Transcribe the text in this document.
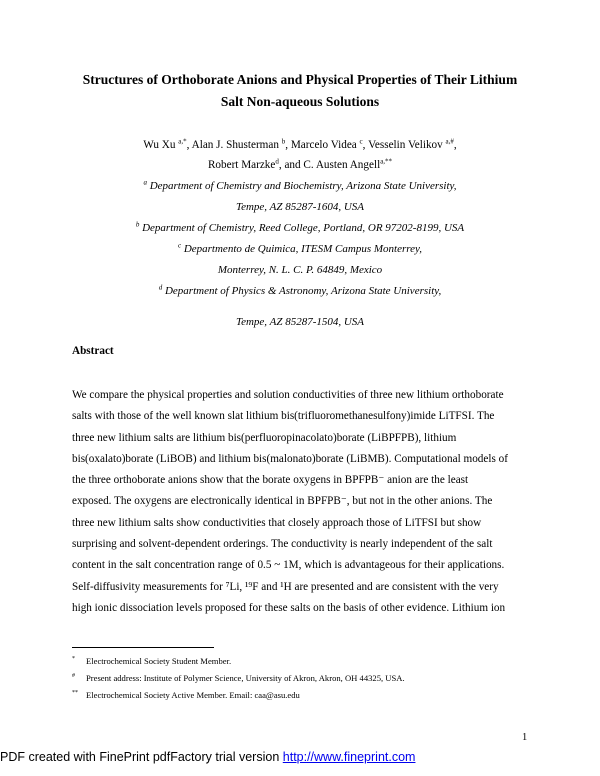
Structures of Orthoborate Anions and Physical Properties of Their Lithium
Salt Non-aqueous Solutions
Wu Xu $^{a,*}$, Alan J. Shusterman $^b$, Marcelo Videa $^c$, Vesselin Velikov $^{a,\#}$,
Robert Marzke$^d$, and C. Austen Angell$^{a,**}$
$^a$ Department of Chemistry and Biochemistry, Arizona State University,
Tempe, AZ 85287-1604, USA
$^b$ Department of Chemistry, Reed College, Portland, OR 97202-8199, USA
$^c$ Departmento de Quimica, ITESM Campus Monterrey,
Monterrey, N. L. C. P. 64849, Mexico
$^d$ Department of Physics & Astronomy, Arizona State University,
Tempe, AZ 85287-1504, USA
Abstract

We compare the physical properties and solution conductivities of three new lithium orthoborate

salts with those of the well known slat lithium bis(trifluoromethanesulfony)imide LiTFSI. The

three new lithium salts are lithium bis(perfluoropinacolato)borate (LiBPFPB), lithium

bis(oxalato)borate (LiBOB) and lithium bis(malonato)borate (LiBMB). Computational models of

the three orthoborate anions show that the borate oxygens in BPFPB⁻ anion are the least

exposed. The oxygens are electronically identical in BPFPB⁻, but not in the other anions. The

three new lithium salts show conductivities that closely approach those of LiTFSI but show

surprising and solvent-dependent orderings. The conductivity is nearly independent of the salt

content in the salt concentration range of 0.5 ~ 1M, which is advantageous for their applications.

Self-diffusivity measurements for ⁷Li, ¹⁹F and ¹H are presented and are consistent with the very

high ionic dissociation levels proposed for these salts on the basis of other evidence. Lithium ion

* Electrochemical Society Student Member.
# Present address: Institute of Polymer Science, University of Akron, Akron, OH 44325, USA.
** Electrochemical Society Active Member. Email: caa@asu.edu
1
PDF created with FinePrint pdfFactory trial version http://www.fineprint.com
